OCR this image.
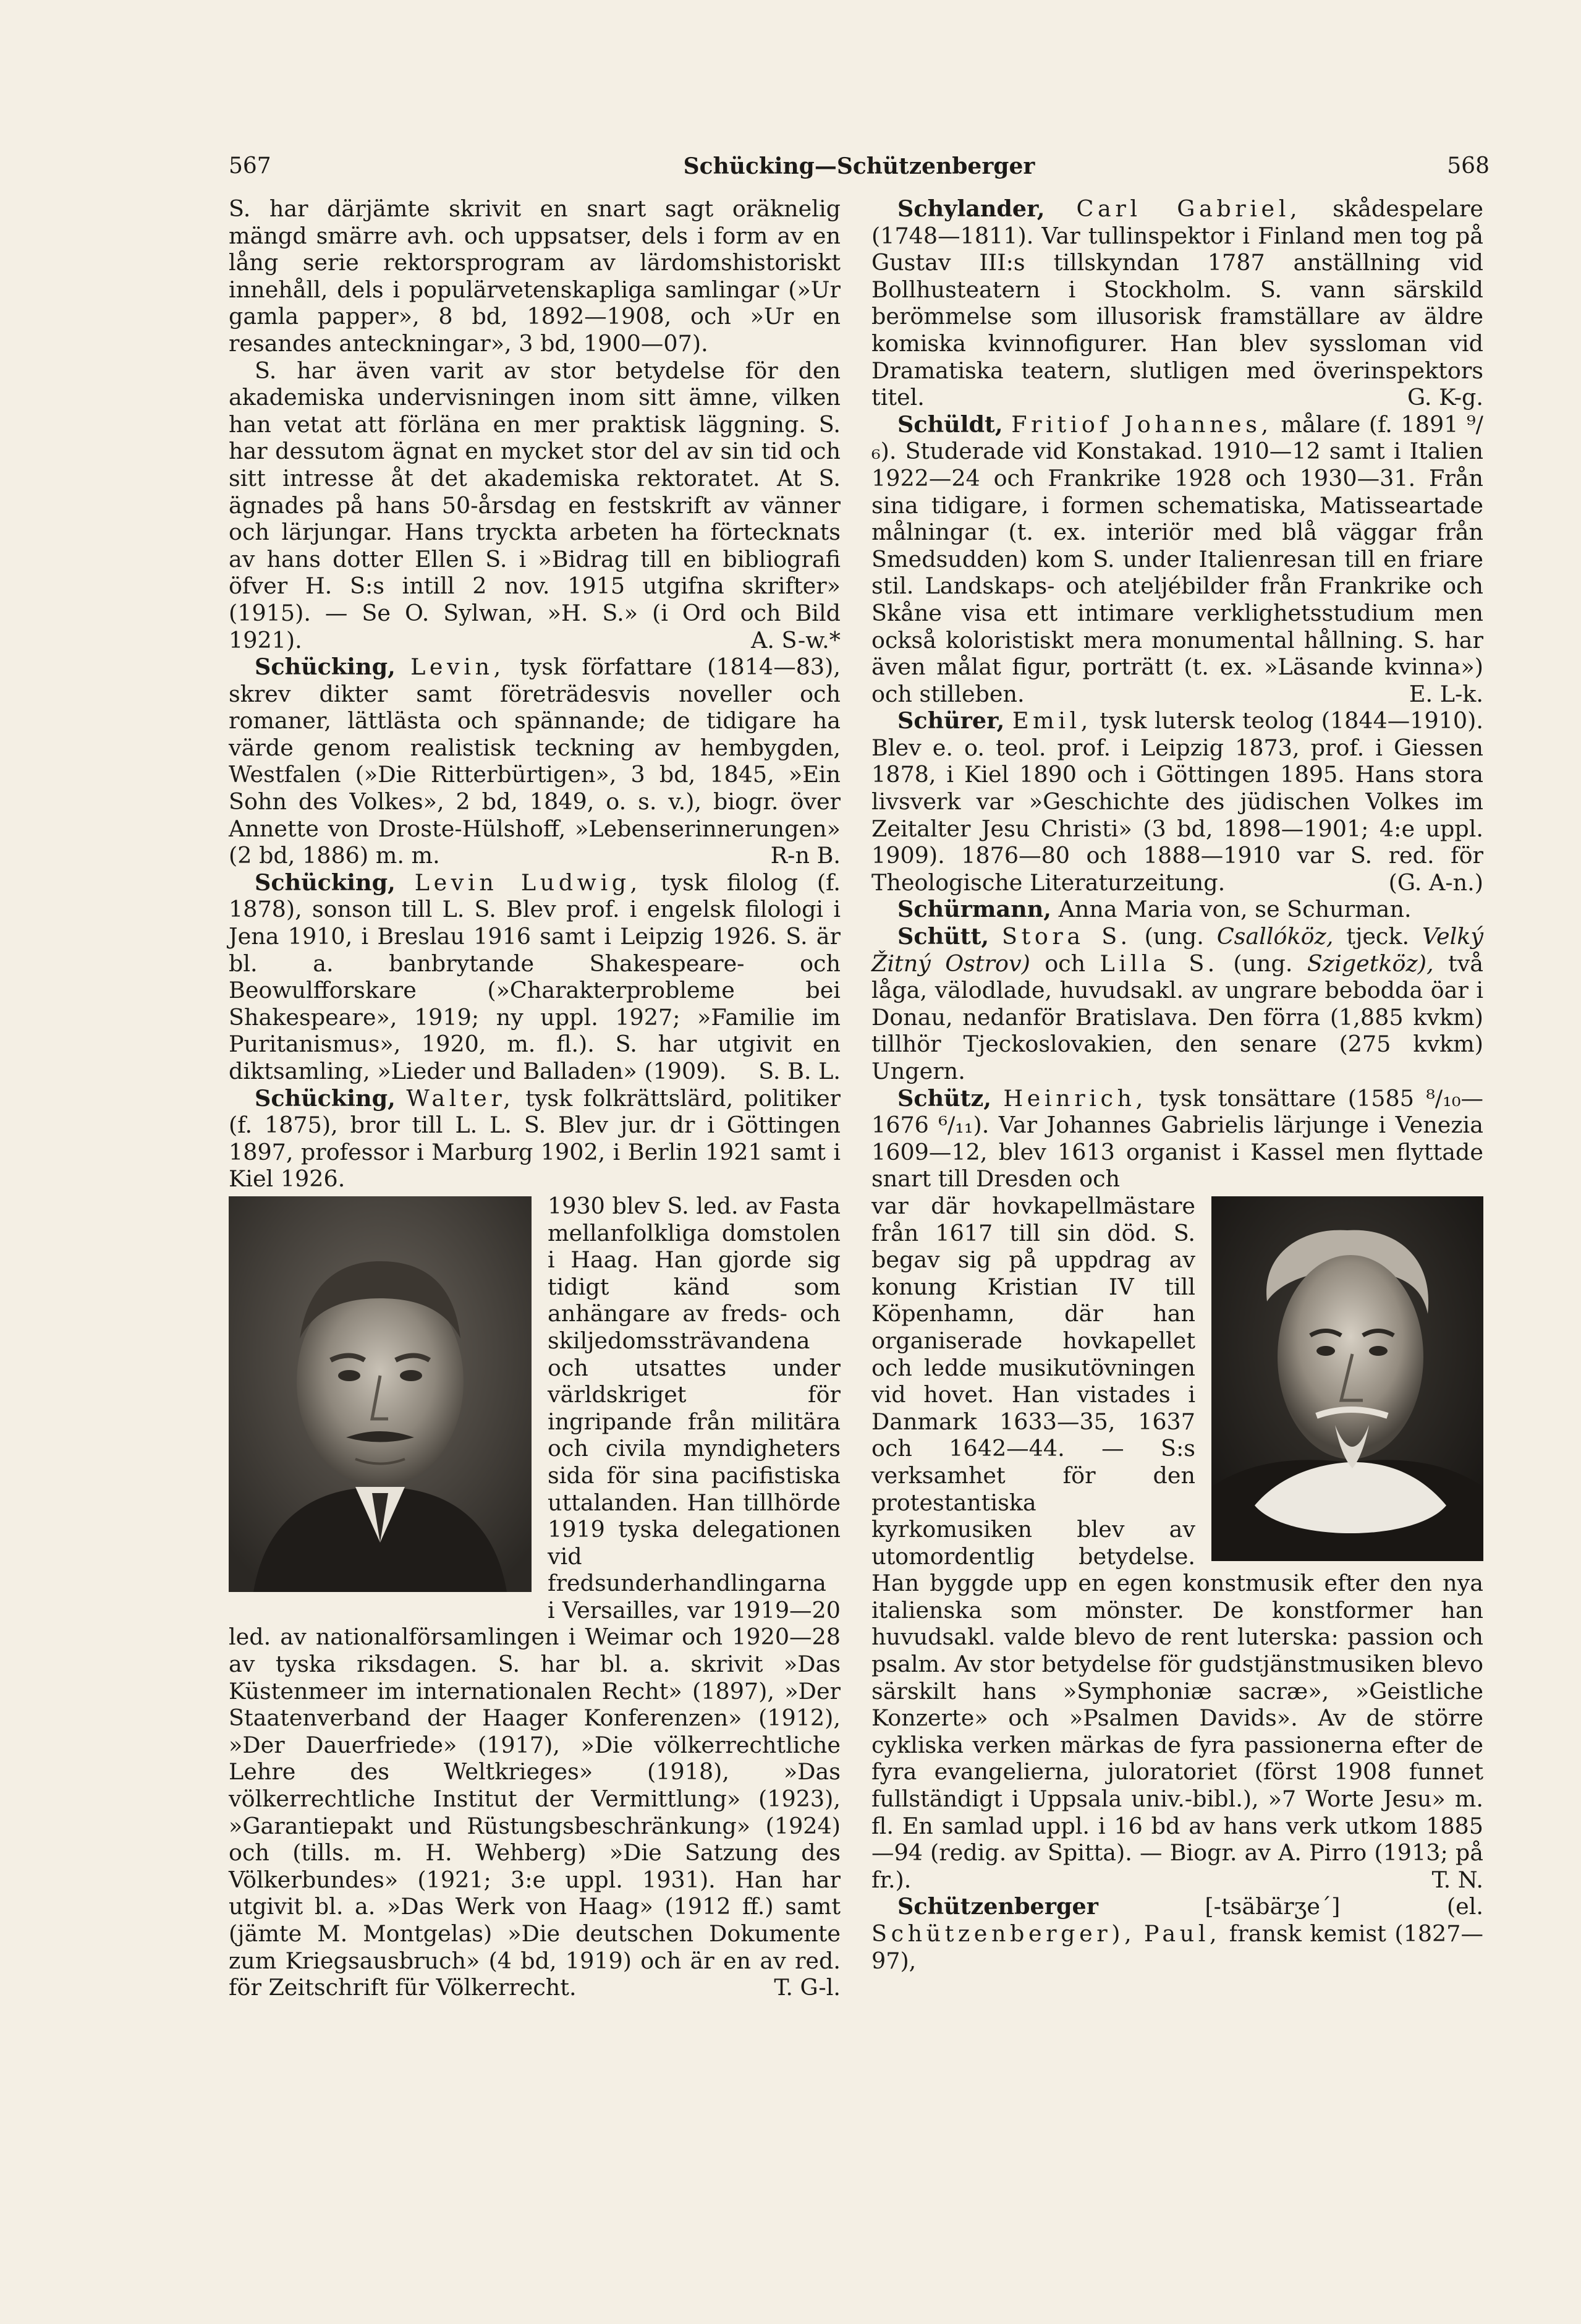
567	Schücking—Schützenberger	568

S. har därjämte skrivit en snart sagt oräknelig mängd smärre avh. och uppsatser, dels i form av en lång serie rektorsprogram av lärdomshistoriskt innehåll, dels i populärvetenskapliga samlingar (»Ur gamla papper», 8 bd, 1892—1908, och »Ur en resandes anteckningar», 3 bd, 1900—07).

S. har även varit av stor betydelse för den akademiska undervisningen inom sitt ämne, vilken han vetat att förläna en mer praktisk läggning. S. har dessutom ägnat en mycket stor del av sin tid och sitt intresse åt det akademiska rektoratet. At S. ägnades på hans 50-årsdag en festskrift av vänner och lärjungar. Hans tryckta arbeten ha förtecknats av hans dotter Ellen S. i »Bidrag till en bibliografi öfver H. S:s intill 2 nov. 1915 utgifna skrifter» (1915). — Se O. Sylwan, »H. S.» (i Ord och Bild 1921).	A. S-w.*

Schücking, Levin, tysk författare (1814—83), skrev dikter samt företrädesvis noveller och romaner, lättlästa och spännande; de tidigare ha värde genom realistisk teckning av hembygden, Westfalen (»Die Ritterbürtigen», 3 bd, 1845, »Ein Sohn des Volkes», 2 bd, 1849, o. s. v.), biogr. över Annette von Droste-Hülshoff, »Lebenserinnerungen» (2 bd, 1886) m. m.	R-n B.

Schücking, Levin Ludwig, tysk filolog (f. 1878), sonson till L. S. Blev prof. i engelsk filologi i Jena 1910, i Breslau 1916 samt i Leipzig 1926. S. är bl. a. banbrytande Shakespeare- och Beowulfforskare (»Charakterprobleme bei Shakespeare», 1919; ny uppl. 1927; »Familie im Puritanismus», 1920, m. fl.). S. har utgivit en diktsamling, »Lieder und Balladen» (1909).	S. B. L.

Schücking, Walter, tysk folkrättslärd, politiker (f. 1875), bror till L. L. S. Blev jur. dr i Göttingen 1897, professor i Marburg 1902, i Berlin 1921 samt i Kiel 1926.

1930 blev S. led. av Fasta mellanfolkliga domstolen i Haag. Han gjorde sig tidigt känd som anhängare av freds- och skiljedomssträvandena och utsattes under världskriget för ingripande från militära och civila myndigheters sida för sina pacifistiska uttalanden. Han tillhörde 1919 tyska delegationen vid fredsunderhandlingarna i Versailles, var 1919—20 led. av nationalförsamlingen i Weimar och 1920—28 av tyska riksdagen. S. har bl. a. skrivit »Das Küstenmeer im internationalen Recht» (1897), »Der Staatenverband der Haager Konferenzen» (1912), »Der Dauerfriede» (1917), »Die völkerrechtliche Lehre des Weltkrieges» (1918), »Das völkerrechtliche Institut der Vermittlung» (1923), »Garantiepakt und Rüstungsbeschränkung» (1924) och (tills. m. H. Wehberg) »Die Satzung des Völkerbundes» (1921; 3:e uppl. 1931). Han har utgivit bl. a. »Das Werk von Haag» (1912 ff.) samt (jämte M. Montgelas) »Die deutschen Dokumente zum Kriegsausbruch» (4 bd, 1919) och är en av red. för Zeitschrift für Völkerrecht.	T. G-l.

Schylander, Carl Gabriel, skådespelare (1748—1811). Var tullinspektor i Finland men tog på Gustav III:s tillskyndan 1787 anställning vid Bollhusteatern i Stockholm. S. vann särskild berömmelse som illusorisk framställare av äldre komiska kvinnofigurer. Han blev syssloman vid Dramatiska teatern, slutligen med överinspektors titel.	G. K-g.

Schüldt, Fritiof Johannes, målare (f. 1891 ⁹/₆). Studerade vid Konstakad. 1910—12 samt i Italien 1922—24 och Frankrike 1928 och 1930—31. Från sina tidigare, i formen schematiska, Matisseartade målningar (t. ex. interiör med blå väggar från Smedsudden) kom S. under Italienresan till en friare stil. Landskaps- och ateljébilder från Frankrike och Skåne visa ett intimare verklighetsstudium men också koloristiskt mera monumental hållning. S. har även målat figur, porträtt (t. ex. »Läsande kvinna») och stilleben.	E. L-k.

Schürer, Emil, tysk lutersk teolog (1844—1910). Blev e. o. teol. prof. i Leipzig 1873, prof. i Giessen 1878, i Kiel 1890 och i Göttingen 1895. Hans stora livsverk var »Geschichte des jüdischen Volkes im Zeitalter Jesu Christi» (3 bd, 1898—1901; 4:e uppl. 1909). 1876—80 och 1888—1910 var S. red. för Theologische Literaturzeitung.	(G. A-n.)

Schürmann, Anna Maria von, se Schurman.

Schütt, Stora S. (ung. Csallóköz, tjeck. Velký Žitný Ostrov) och Lilla S. (ung. Szigetköz), två låga, välodlade, huvudsakl. av ungrare bebodda öar i Donau, nedanför Bratislava. Den förra (1,885 kvkm) tillhör Tjeckoslovakien, den senare (275 kvkm) Ungern.

Schütz, Heinrich, tysk tonsättare (1585 ⁸/₁₀—1676 ⁶/₁₁). Var Johannes Gabrielis lärjunge i Venezia 1609—12, blev 1613 organist i Kassel men flyttade snart till Dresden och

var där hovkapellmästare från 1617 till sin död. S. begav sig på uppdrag av konung Kristian IV till Köpenhamn, där han organiserade hovkapellet och ledde musikutövningen vid hovet. Han vistades i Danmark 1633—35, 1637 och 1642—44. — S:s verksamhet för den protestantiska kyrkomusiken blev av utomordentlig betydelse. Han byggde upp en egen konstmusik efter den nya italienska som mönster. De konstformer han huvudsakl. valde blevo de rent luterska: passion och psalm. Av stor betydelse för gudstjänstmusiken blevo särskilt hans »Symphoniæ sacræ», »Geistliche Konzerte» och »Psalmen Davids». Av de större cykliska verken märkas de fyra passionerna efter de fyra evangelierna, juloratoriet (först 1908 funnet fullständigt i Uppsala univ.-bibl.), »7 Worte Jesu» m. fl. En samlad uppl. i 16 bd av hans verk utkom 1885—94 (redig. av Spitta). — Biogr. av A. Pirro (1913; på fr.).	T. N.

Schützenberger	[-tsäbärʒe´]	(el. Schützenberger), Paul, fransk kemist (1827—97),
